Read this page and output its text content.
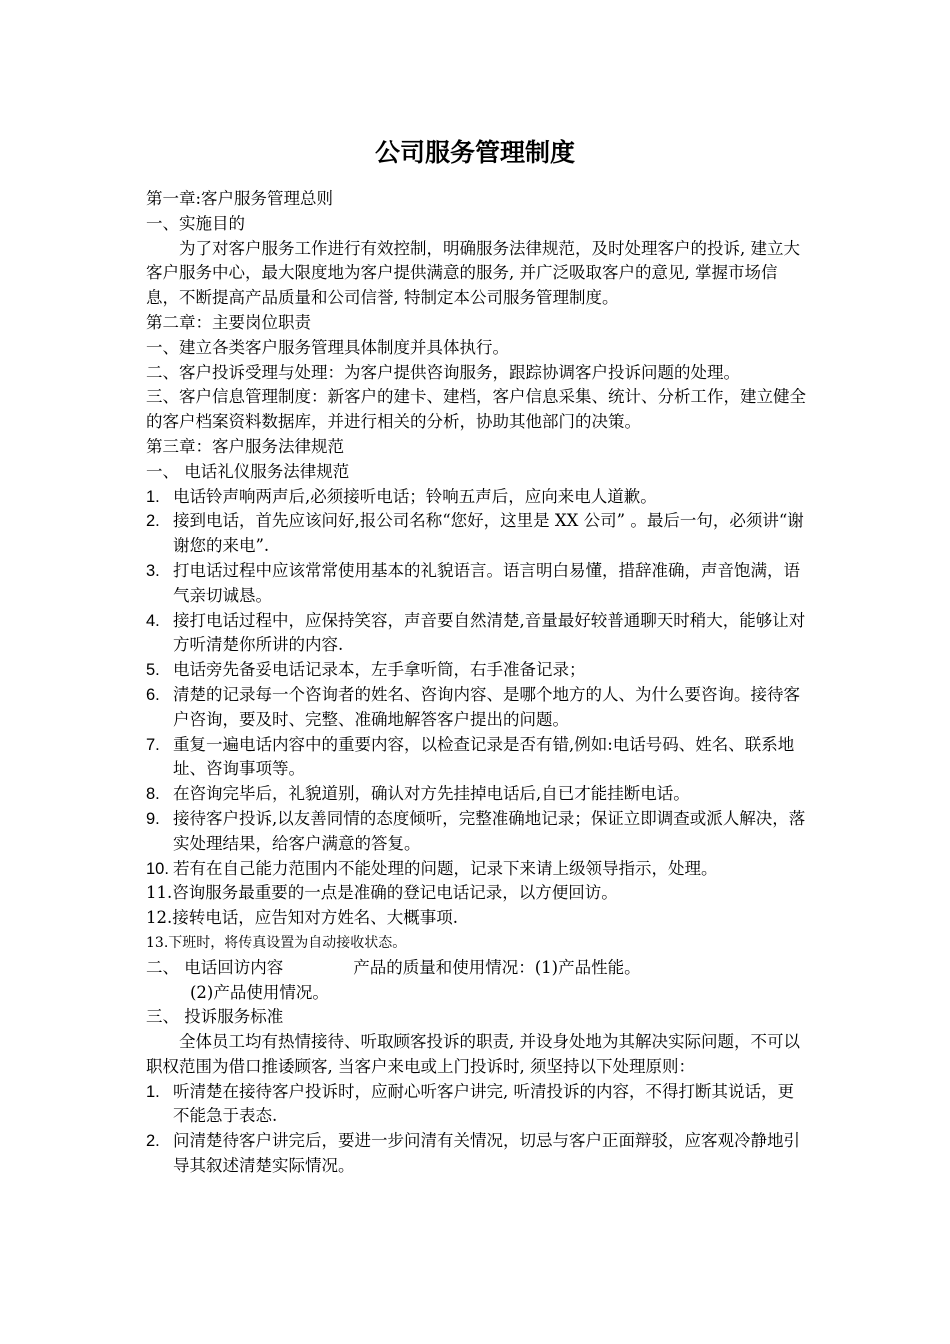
公司服务管理制度

第一章:客户服务管理总则

一、实施目的

为了对客户服务工作进行有效控制，明确服务法律规范，及时处理客户的投诉, 建立大客户服务中心，最大限度地为客户提供满意的服务, 并广泛吸取客户的意见, 掌握市场信息，不断提高产品质量和公司信誉, 特制定本公司服务管理制度。

第二章：主要岗位职责

一、建立各类客户服务管理具体制度并具体执行。

二、客户投诉受理与处理：为客户提供咨询服务，跟踪协调客户投诉问题的处理。

三、客户信息管理制度：新客户的建卡、建档，客户信息采集、统计、分析工作，建立健全的客户档案资料数据库，并进行相关的分析，协助其他部门的决策。

第三章：客户服务法律规范

一、 电话礼仪服务法律规范

1. 电话铃声响两声后,必须接听电话；铃响五声后，应向来电人道歉。

2. 接到电话，首先应该问好,报公司名称“您好，这里是 XX 公司” 。最后一句，必须讲“谢谢您的来电”.

3. 打电话过程中应该常常使用基本的礼貌语言。语言明白易懂，措辞准确，声音饱满，语气亲切诚恳。

4. 接打电话过程中，应保持笑容，声音要自然清楚,音量最好较普通聊天时稍大，能够让对方听清楚你所讲的内容.

5. 电话旁先备妥电话记录本，左手拿听筒，右手准备记录；

6. 清楚的记录每一个咨询者的姓名、咨询内容、是哪个地方的人、为什么要咨询。接待客户咨询，要及时、完整、准确地解答客户提出的问题。

7. 重复一遍电话内容中的重要内容，以检查记录是否有错,例如:电话号码、姓名、联系地址、咨询事项等。

8. 在咨询完毕后，礼貌道别，确认对方先挂掉电话后,自已才能挂断电话。

9. 接待客户投诉,以友善同情的态度倾听，完整准确地记录；保证立即调查或派人解决，落实处理结果，给客户满意的答复。

10. 若有在自己能力范围内不能处理的问题，记录下来请上级领导指示，处理。

11.咨询服务最重要的一点是准确的登记电话记录，以方便回访。

12.接转电话，应告知对方姓名、大概事项.

13.下班时，将传真设置为自动接收状态。

二、 电话回访内容	产品的质量和使用情况：(1)产品性能。

(2)产品使用情况。

三、 投诉服务标准

全体员工均有热情接待、听取顾客投诉的职责, 并设身处地为其解决实际问题，不可以职权范围为借口推诿顾客, 当客户来电或上门投诉时, 须坚持以下处理原则：

1. 听清楚在接待客户投诉时，应耐心听客户讲完, 听清投诉的内容，不得打断其说话，更不能急于表态.

2. 问清楚待客户讲完后，要进一步问清有关情况，切忌与客户正面辩驳，应客观冷静地引导其叙述清楚实际情况。
